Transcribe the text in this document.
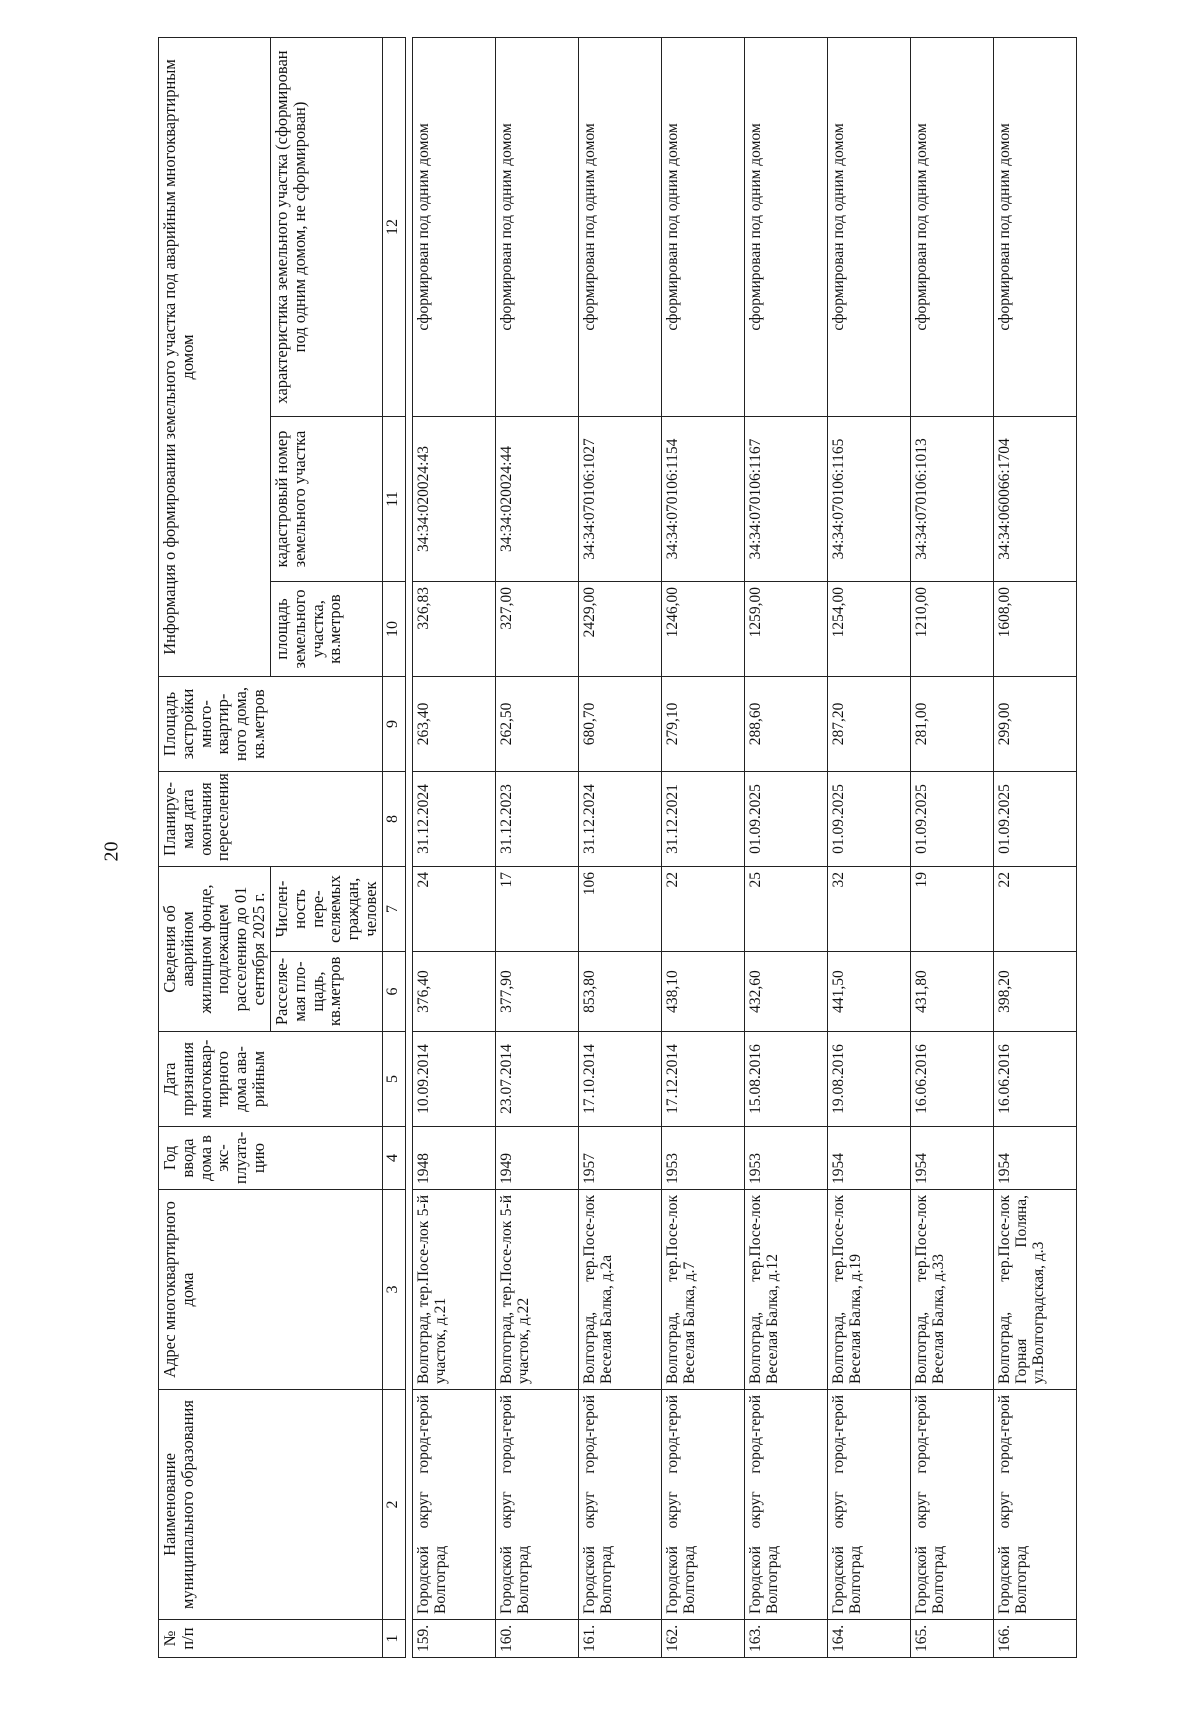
20
№ п/п	Наименование муниципального образования	Адрес многоквартирного дома	Год ввода дома в экс- плуата- цию	Дата признания многоквар- тирного дома ава- рийным	Сведения об аварийном жилищном фонде, подлежащем расселению до 01 сентября 2025 г.		Планируе- мая дата окончания переселения	Площадь застройки много- квартир- ного дома, кв.метров	Информация о формировании земельного участка под аварийным многоквартирным домом		
					Расселяе- мая пло- щадь, кв.метров	Числен- ность пере- селяемых граждан, человек			площадь земельного участка, кв.метров	кадастровый номер земельного участка	характеристика земельного участка (сформирован под одним домом, не сформирован)
1	2	3	4	5	6	7	8	9	10	11	12

159.	Городской округ город-герой Волгоград	Волгоград, тер.Посе-лок 5-й участок, д.21	1948	10.09.2014	376,40	24	31.12.2024	263,40	326,83	34:34:020024:43	сформирован под одним домом
160.	Городской округ город-герой Волгоград	Волгоград, тер.Посе-лок 5-й участок, д.22	1949	23.07.2014	377,90	17	31.12.2023	262,50	327,00	34:34:020024:44	сформирован под одним домом
161.	Городской округ город-герой Волгоград	Волгоград, тер.Посе-лок Веселая Балка, д.2а	1957	17.10.2014	853,80	106	31.12.2024	680,70	2429,00	34:34:070106:1027	сформирован под одним домом
162.	Городской округ город-герой Волгоград	Волгоград, тер.Посе-лок Веселая Балка, д.7	1953	17.12.2014	438,10	22	31.12.2021	279,10	1246,00	34:34:070106:1154	сформирован под одним домом
163.	Городской округ город-герой Волгоград	Волгоград, тер.Посе-лок Веселая Балка, д.12	1953	15.08.2016	432,60	25	01.09.2025	288,60	1259,00	34:34:070106:1167	сформирован под одним домом
164.	Городской округ город-герой Волгоград	Волгоград, тер.Посе-лок Веселая Балка, д.19	1954	19.08.2016	441,50	32	01.09.2025	287,20	1254,00	34:34:070106:1165	сформирован под одним домом
165.	Городской округ город-герой Волгоград	Волгоград, тер.Посе-лок Веселая Балка, д.33	1954	16.06.2016	431,80	19	01.09.2025	281,00	1210,00	34:34:070106:1013	сформирован под одним домом
166.	Городской округ город-герой Волгоград	Волгоград, тер.Посе-лок Горная Поляна, ул.Волгоградская, д.3	1954	16.06.2016	398,20	22	01.09.2025	299,00	1608,00	34:34:060066:1704	сформирован под одним домом
